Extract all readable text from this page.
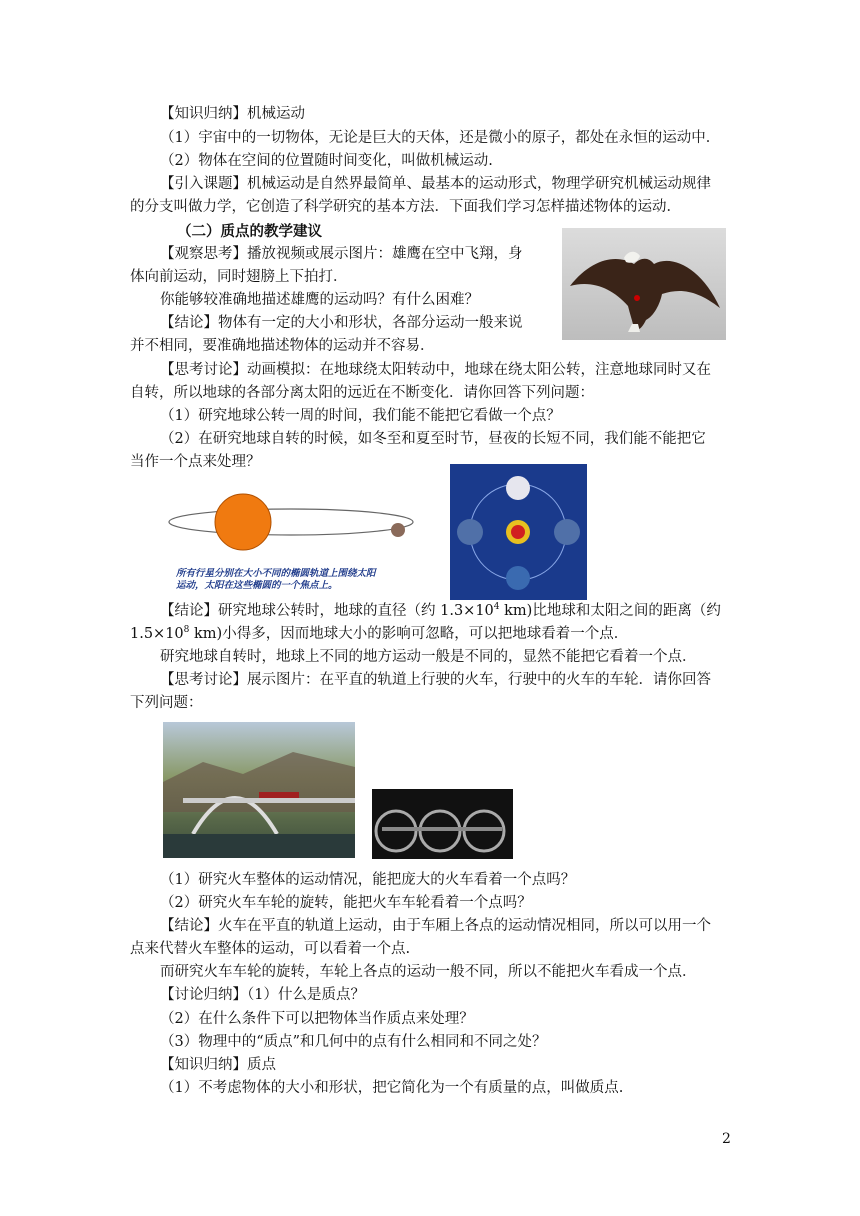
【知识归纳】机械运动
（1）宇宙中的一切物体，无论是巨大的天体，还是微小的原子，都处在永恒的运动中．
（2）物体在空间的位置随时间变化，叫做机械运动.
【引入课题】机械运动是自然界最简单、最基本的运动形式，物理学研究机械运动规律
的分支叫做力学，它创造了科学研究的基本方法．下面我们学习怎样描述物体的运动．
（二）质点的教学建议
【观察思考】播放视频或展示图片：雄鹰在空中飞翔，身
体向前运动，同时翅膀上下拍打．
你能够较准确地描述雄鹰的运动吗？有什么困难？
【结论】物体有一定的大小和形状，各部分运动一般来说
并不相同，要准确地描述物体的运动并不容易．
【思考讨论】动画模拟：在地球绕太阳转动中，地球在绕太阳公转，注意地球同时又在
自转，所以地球的各部分离太阳的远近在不断变化．请你回答下列问题：
（1）研究地球公转一周的时间，我们能不能把它看做一个点？
（2）在研究地球自转的时候，如冬至和夏至时节，昼夜的长短不同，我们能不能把它
当作一个点来处理？
所有行星分别在大小不同的椭圆轨道上围绕太阳
运动，太阳在这些椭圆的一个焦点上。
【结论】研究地球公转时，地球的直径（约 $1.3\times 10^4$ km)比地球和太阳之间的距离（约
$1.5\times 10^8$ km)小得多，因而地球大小的影响可忽略，可以把地球看着一个点．
研究地球自转时，地球上不同的地方运动一般是不同的，显然不能把它看着一个点．
【思考讨论】展示图片：在平直的轨道上行驶的火车，行驶中的火车的车轮．请你回答
下列问题：
（1）研究火车整体的运动情况，能把庞大的火车看着一个点吗？
（2）研究火车车轮的旋转，能把火车车轮看着一个点吗？
【结论】火车在平直的轨道上运动，由于车厢上各点的运动情况相同，所以可以用一个
点来代替火车整体的运动，可以看着一个点.
而研究火车车轮的旋转，车轮上各点的运动一般不同，所以不能把火车看成一个点．
【讨论归纳】（1）什么是质点？
（2）在什么条件下可以把物体当作质点来处理？
（3）物理中的“质点”和几何中的点有什么相同和不同之处？
【知识归纳】质点
（1）不考虑物体的大小和形状，把它简化为一个有质量的点，叫做质点.
2
